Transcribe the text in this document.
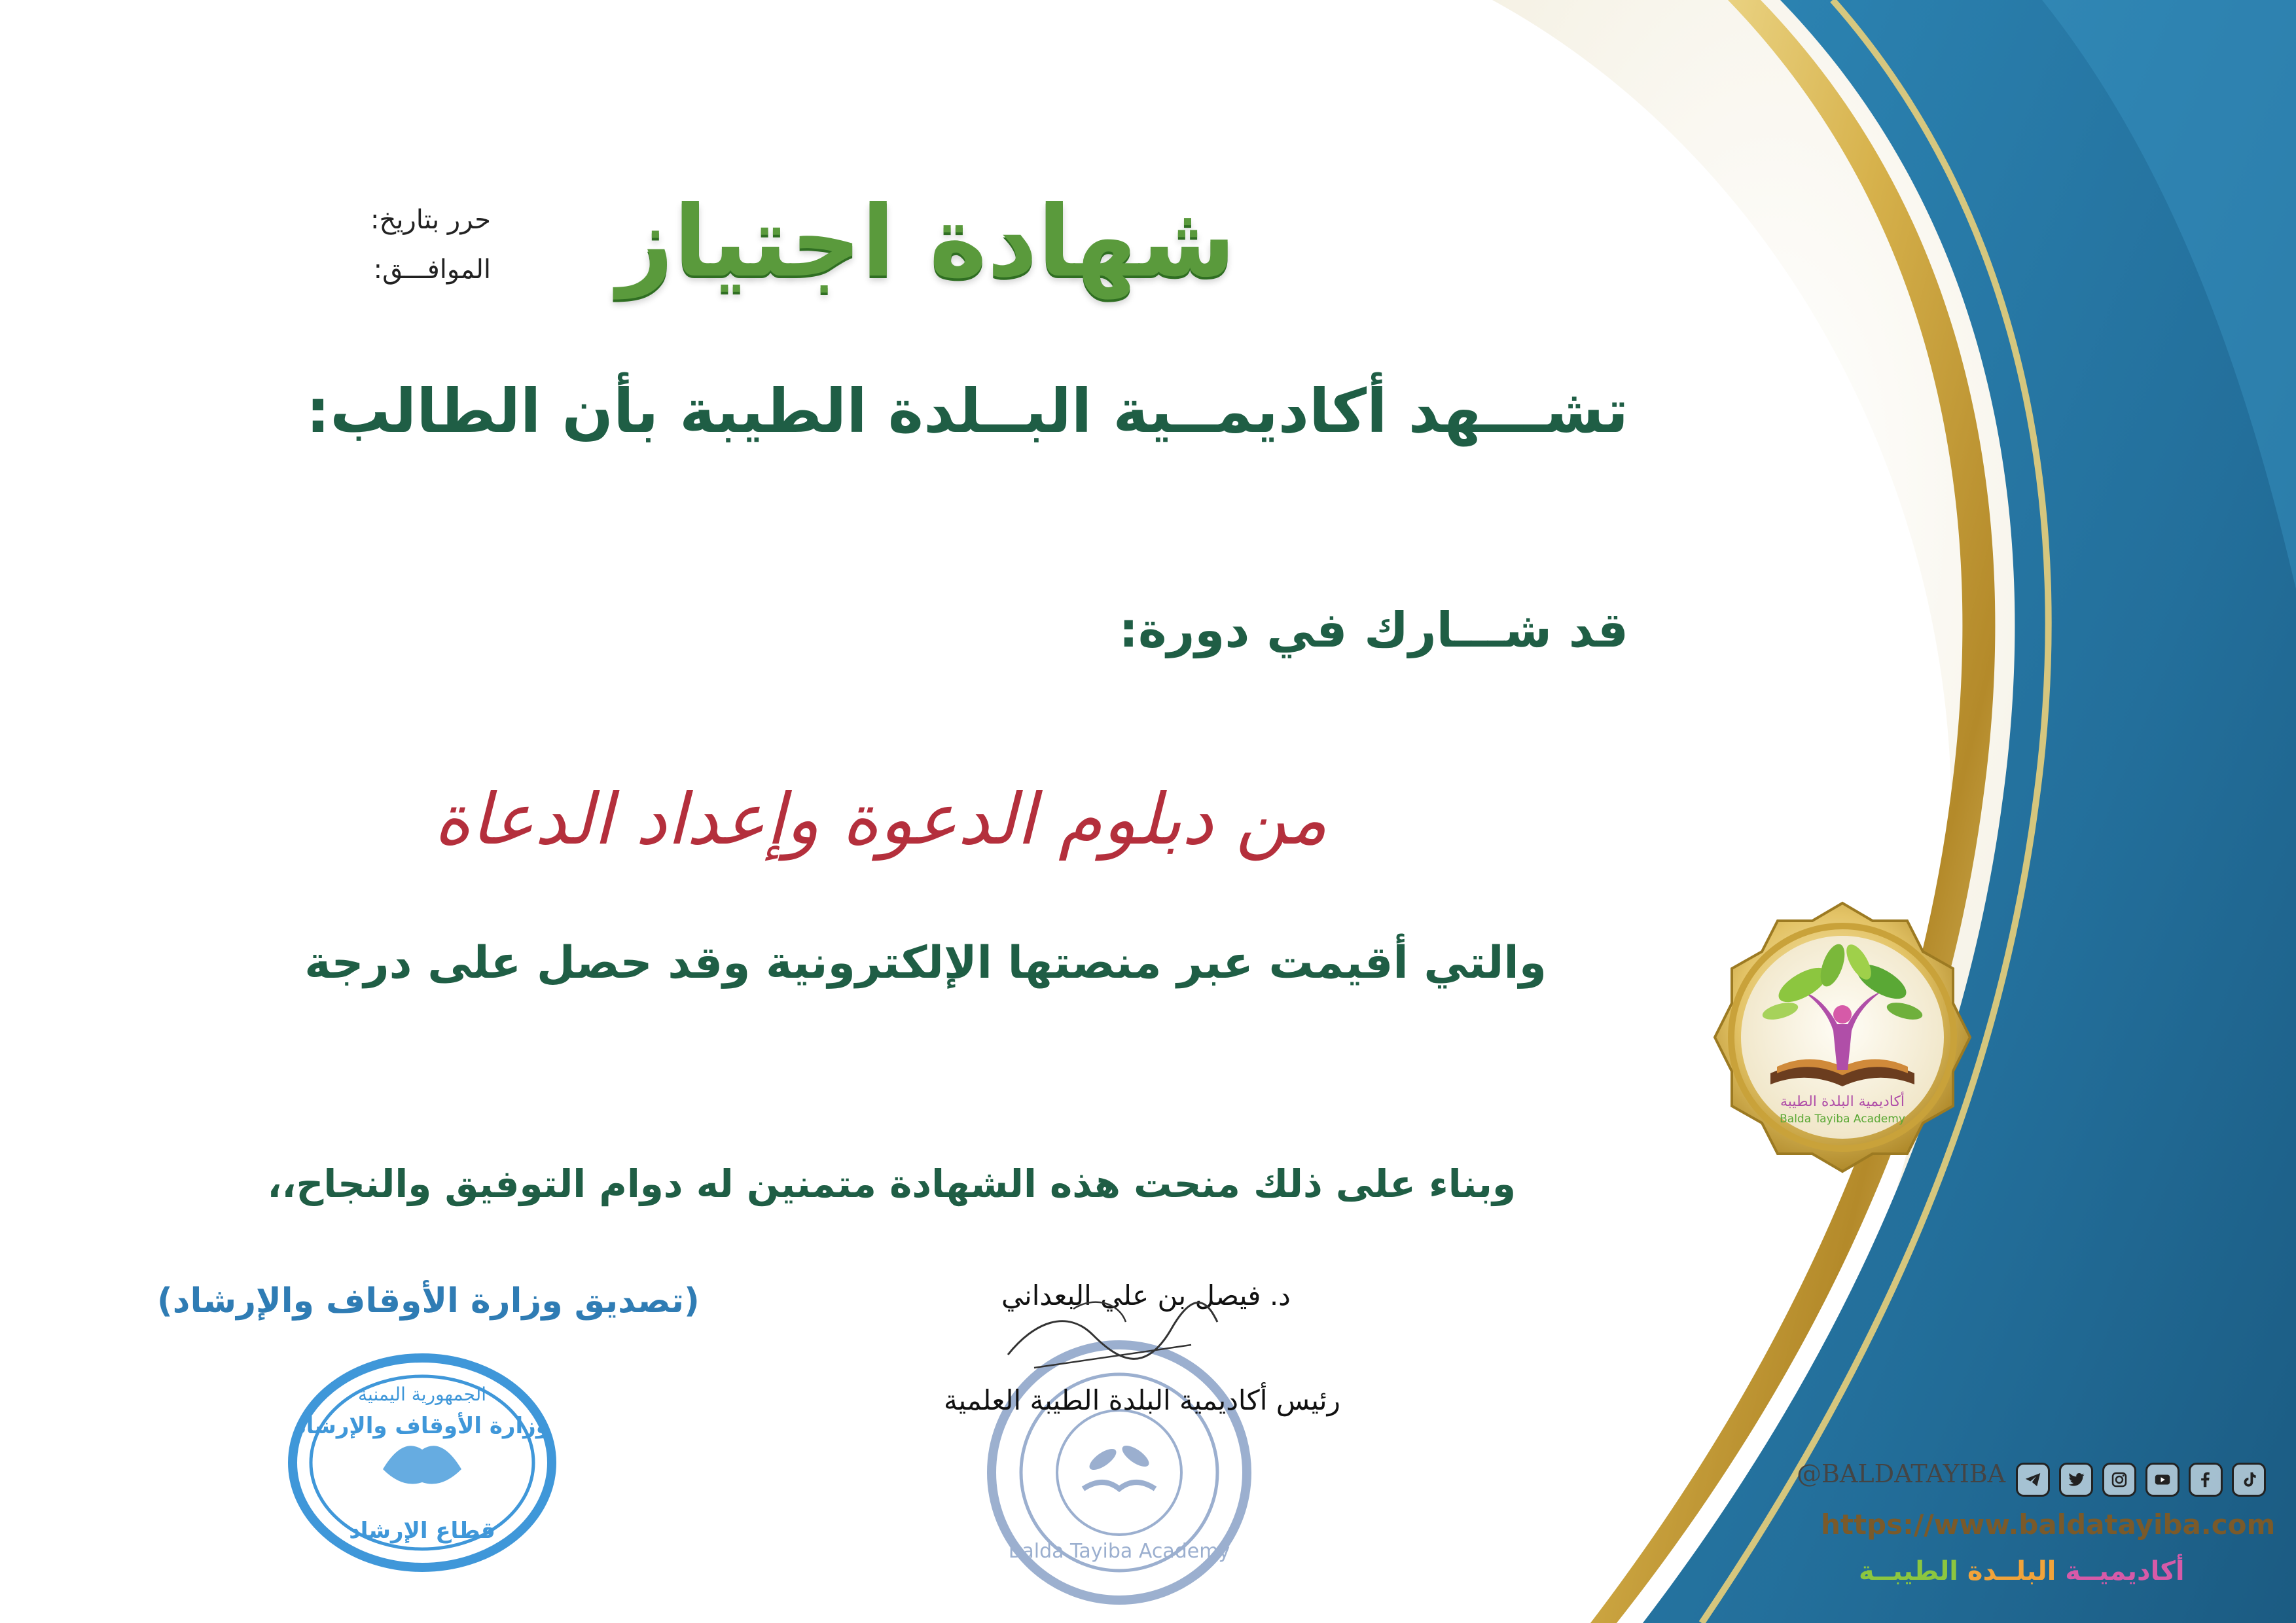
أكاديمية البلدة الطيبة
Balda Tayiba Academy
الجمهورية اليمنية
وزارة الأوقاف والإرشاد
قطاع الإرشاد
Balda Tayiba Academy
شهادة اجتياز
حرر بتاريخ:
الموافـــق:
تشـــهد أكاديمــية البــلدة الطيبة بأن الطالب:
قد شـــارك في دورة:
من دبلوم الدعوة وإعداد الدعاة
والتي أقيمت عبر منصتها الإلكترونية وقد حصل على درجة
وبناء على ذلك منحت هذه الشهادة متمنين له دوام التوفيق والنجاح،،
(تصديق وزارة الأوقاف والإرشاد)	د. فيصل بن علي البعداني
رئيس أكاديمية البلدة الطيبة العلمية
@BALDATAYIBA
https://www.baldatayiba.com
أكاديميــة البلــدة الطيبــة
